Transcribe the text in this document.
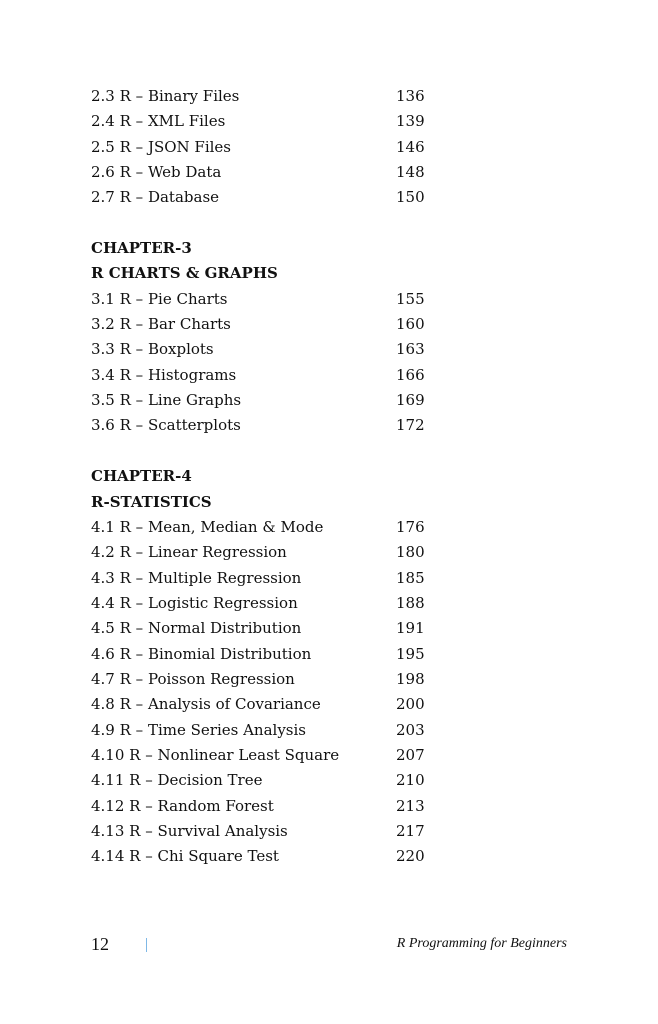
2.3 R – Binary Files	136
2.4 R – XML Files	139
2.5 R – JSON Files	146
2.6 R – Web Data	148
2.7 R – Database	150
CHAPTER-3
R CHARTS & GRAPHS
3.1 R – Pie Charts	155
3.2 R – Bar Charts	160
3.3 R – Boxplots	163
3.4 R – Histograms	166
3.5 R – Line Graphs	169
3.6 R – Scatterplots	172
CHAPTER-4
R-STATISTICS
4.1 R – Mean, Median & Mode	176
4.2 R – Linear Regression	180
4.3 R – Multiple Regression	185
4.4 R – Logistic Regression	188
4.5 R – Normal Distribution	191
4.6 R – Binomial Distribution	195
4.7 R – Poisson Regression	198
4.8 R – Analysis of Covariance	200
4.9 R – Time Series Analysis	203
4.10 R – Nonlinear Least Square	207
4.11 R – Decision Tree	210
4.12 R – Random Forest	213
4.13 R – Survival Analysis	217
4.14 R – Chi Square Test	220
12	R Programming for Beginners
